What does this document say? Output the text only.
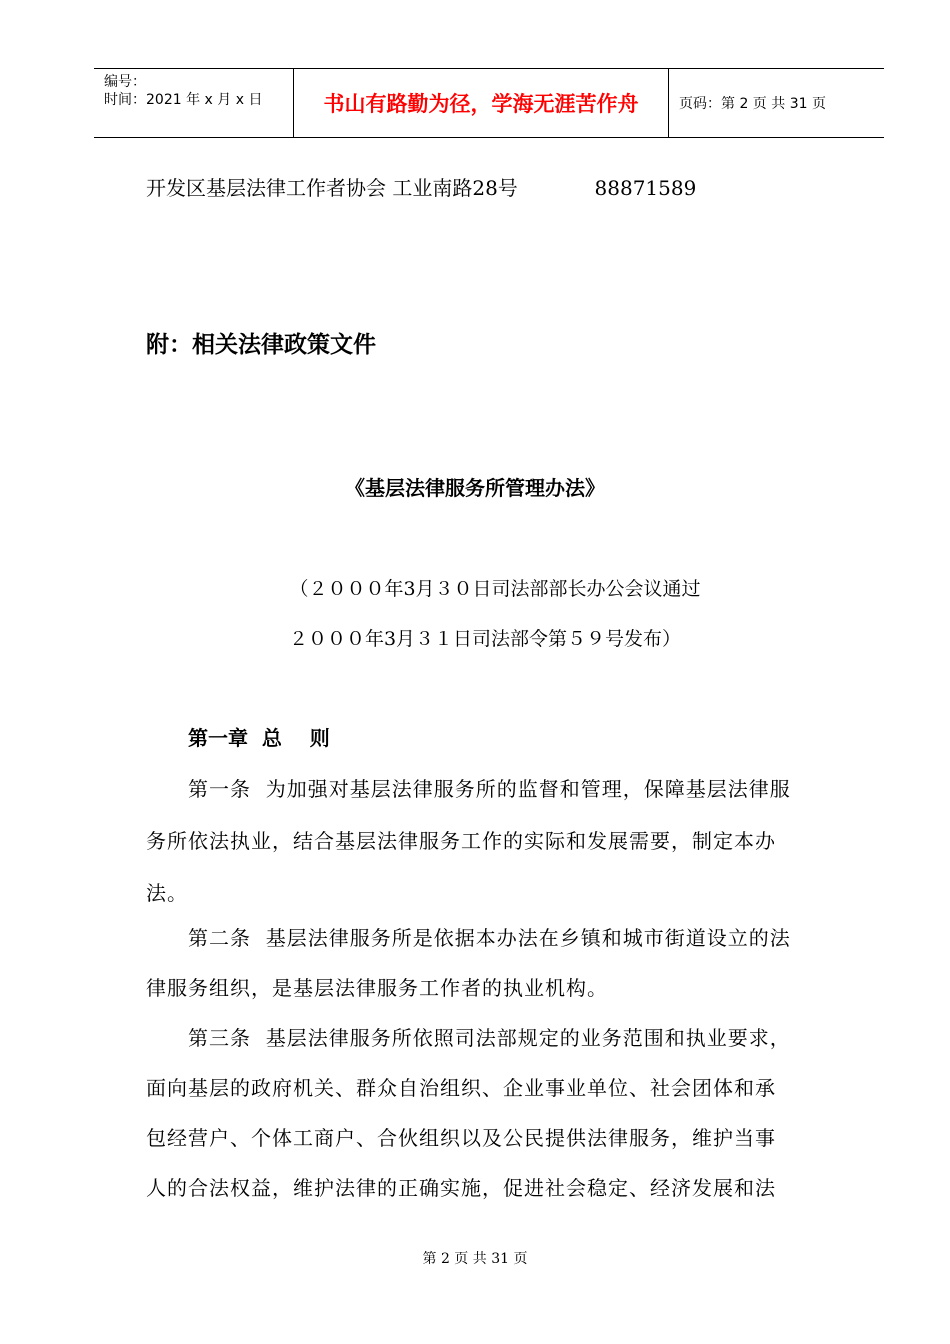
编号：
时间：2021 年 x 月 x 日	书山有路勤为径，学海无涯苦作舟	页码：第 2 页 共 31 页
开发区基层法律工作者协会 工业南路28号	88871589
附：相关法律政策文件
《基层法律服务所管理办法》
（２０００年3月３０日司法部部长办公会议通过
２０００年3月３１日司法部令第５９号发布）
第一章  总    则
第一条  为加强对基层法律服务所的监督和管理，保障基层法律服
务所依法执业，结合基层法律服务工作的实际和发展需要，制定本办
法。
第二条  基层法律服务所是依据本办法在乡镇和城市街道设立的法
律服务组织，是基层法律服务工作者的执业机构。
第三条  基层法律服务所依照司法部规定的业务范围和执业要求，
面向基层的政府机关、群众自治组织、企业事业单位、社会团体和承
包经营户、个体工商户、合伙组织以及公民提供法律服务，维护当事
人的合法权益，维护法律的正确实施，促进社会稳定、经济发展和法
第 2 页 共 31 页
